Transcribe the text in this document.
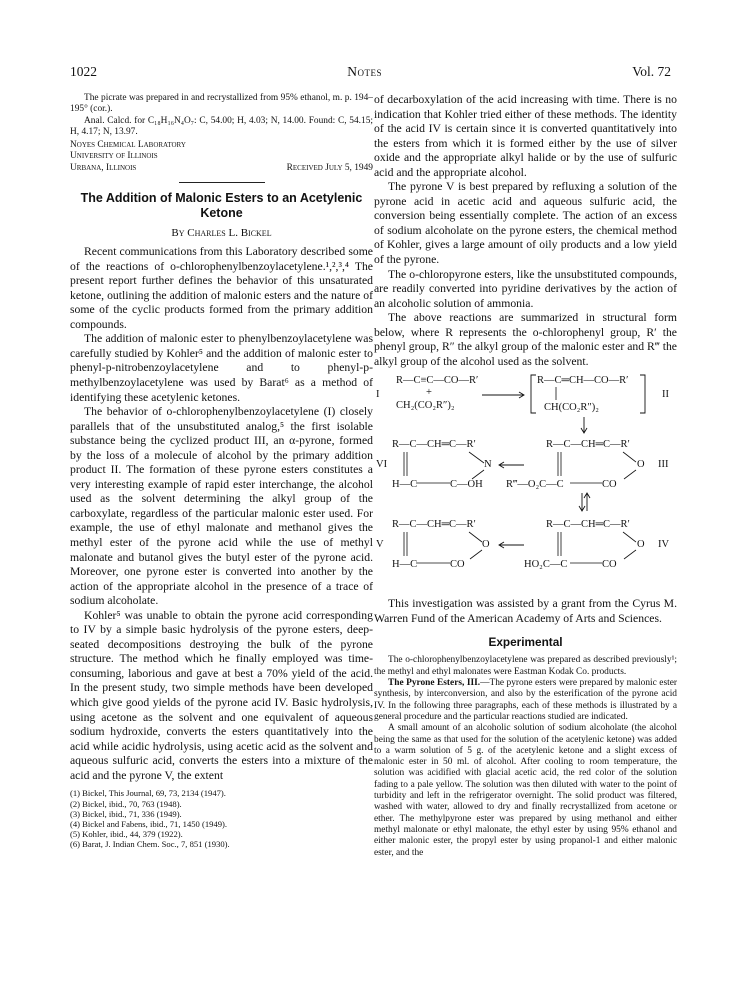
1022	Notes	Vol. 72

The picrate was prepared in and recrystallized from 95% ethanol, m. p. 194–195° (cor.).

Anal. Calcd. for C₁₈H₁₆N₄O₇: C, 54.00; H, 4.03; N, 14.00. Found: C, 54.15; H, 4.17; N, 13.97.

Noyes Chemical Laboratory
University of Illinois
Urbana, Illinois	Received July 5, 1949
The Addition of Malonic Esters to an Acetylenic Ketone
By Charles L. Bickel

Recent communications from this Laboratory described some of the reactions of o-chlorophenylbenzoylacetylene.¹,²,³,⁴ The present report further defines the behavior of this unsaturated ketone, outlining the addition of malonic esters and the nature of some of the cyclic products formed from the primary addition compounds.

The addition of malonic ester to phenylbenzoylacetylene was carefully studied by Kohler⁵ and the addition of malonic ester to phenyl-p-nitrobenzoylacetylene and to phenyl-p-methylbenzoylacetylene was used by Barat⁶ as a method of identifying these acetylenic ketones.

The behavior of o-chlorophenylbenzoylacetylene (I) closely parallels that of the unsubstituted analog,⁵ the first isolable substance being the cyclized product III, an α-pyrone, formed by the loss of a molecule of alcohol by the primary addition product II. The formation of these pyrone esters constitutes a very interesting example of rapid ester interchange, the alcohol used as the solvent determining the alkyl group of the carboxylate, regardless of the particular malonic ester used. For example, the use of ethyl malonate and methanol gives the methyl ester of the pyrone acid while the use of methyl malonate and butanol gives the butyl ester of the pyrone acid. Moreover, one pyrone ester is converted into another by the action of the appropriate alcohol in the presence of a trace of sodium alcoholate.

Kohler⁵ was unable to obtain the pyrone acid corresponding to IV by a simple basic hydrolysis of the pyrone esters, deep-seated decompositions destroying the bulk of the pyrone structure. The method which he finally employed was time-consuming, laborious and gave at best a 70% yield of the acid. In the present study, two simple methods have been developed which give good yields of the pyrone acid IV. Basic hydrolysis, using acetone as the solvent and one equivalent of aqueous sodium hydroxide, converts the esters quantitatively into the acid while acidic hydrolysis, using acetic acid as the solvent and aqueous sulfuric acid, converts the esters into a mixture of the acid and the pyrone V, the extent

(1) Bickel, This Journal, 69, 73, 2134 (1947).
(2) Bickel, ibid., 70, 763 (1948).
(3) Bickel, ibid., 71, 336 (1949).
(4) Bickel and Fabens, ibid., 71, 1450 (1949).
(5) Kohler, ibid., 44, 379 (1922).
(6) Barat, J. Indian Chem. Soc., 7, 851 (1930).

of decarboxylation of the acid increasing with time. There is no indication that Kohler tried either of these methods. The identity of the acid IV is certain since it is converted quantitatively into the esters from which it is formed either by the use of silver oxide and the appropriate alkyl halide or by the use of sulfuric acid and the appropriate alcohol.

The pyrone V is best prepared by refluxing a solution of the pyrone acid in acetic acid and aqueous sulfuric acid, the conversion being essentially complete. The action of an excess of sodium alcoholate on the pyrone esters, the chemical method of Kohler, gives a large amount of oily products and a low yield of the pyrone.

The o-chloropyrone esters, like the unsubstituted compounds, are readily converted into pyridine derivatives by the action of an alcoholic solution of ammonia.

The above reactions are summarized in structural form below, where R represents the o-chlorophenyl group, R′ the phenyl group, R″ the alkyl group of the malonic ester and R‴ the alkyl group of the alcohol used as the solvent.

I
R—C≡C—CO—R′
+
CH₂(CO₂R″)₂
R—C═CH—CO—R′
CH(CO₂R″)₂
II
VI
R—C—CH═C—R′
N
H—C	C—OH
R—C—CH═C—R′
O
R‴—O₂C—C	CO
III
V
R—C—CH═C—R′
O
H—C	CO
R—C—CH═C—R′
O
HO₂C—C	CO
IV

This investigation was assisted by a grant from the Cyrus M. Warren Fund of the American Academy of Arts and Sciences.

Experimental

The o-chlorophenylbenzoylacetylene was prepared as described previously¹; the methyl and ethyl malonates were Eastman Kodak Co. products.

The Pyrone Esters, III.—The pyrone esters were prepared by malonic ester synthesis, by interconversion, and also by the esterification of the pyrone acid IV. In the following three paragraphs, each of these methods is illustrated by a general procedure and the particular reactions studied are indicated.

A small amount of an alcoholic solution of sodium alcoholate (the alcohol being the same as that used for the solution of the acetylenic ketone) was added to a warm solution of 5 g. of the acetylenic ketone and a slight excess of malonic ester in 50 ml. of alcohol. After cooling to room temperature, the solution was acidified with glacial acetic acid, the red color of the solution fading to a pale yellow. The solution was then diluted with water to the point of turbidity and left in the refrigerator overnight. The solid product was filtered, washed with water, allowed to dry and finally recrystallized from acetone or ether. The methylpyrone ester was prepared by using methanol and either methyl malonate or ethyl malonate, the ethyl ester by using 95% ethanol and either malonic ester, the propyl ester by using propanol-1 and either malonic ester, and the
